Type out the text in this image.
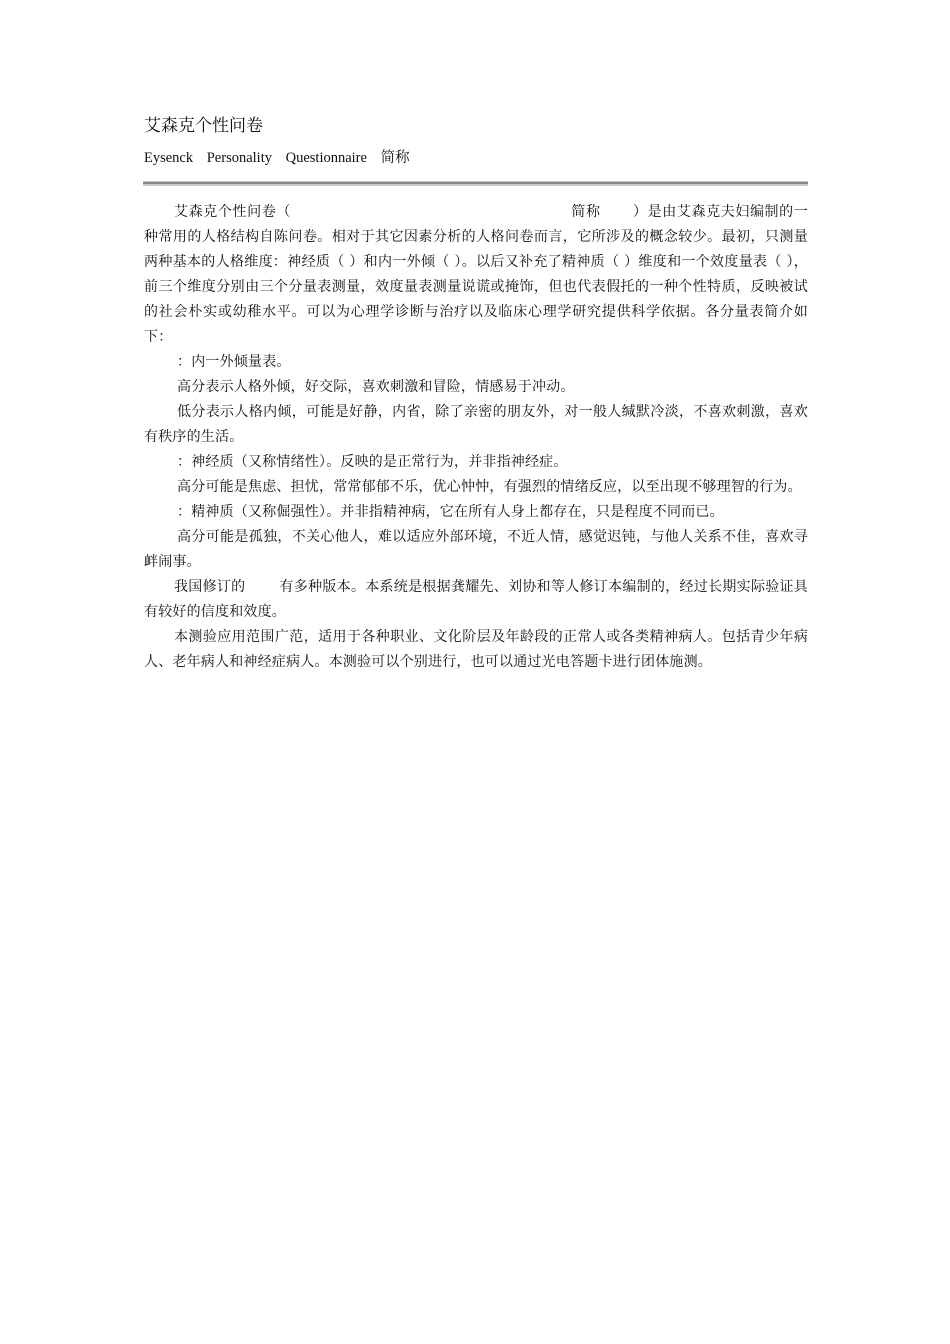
艾森克个性问卷
Eysenck Personality Questionnaire 简称

艾森克个性问卷（	简称 ）是由艾森克夫妇编制的一种常用的人格结构自陈问卷。相对于其它因素分析的人格问卷而言，它所涉及的概念较少。最初，只测量两种基本的人格维度：神经质（ ）和内一外倾（ ）。以后又补充了精神质（ ）维度和一个效度量表（ ），前三个维度分别由三个分量表测量，效度量表测量说谎或掩饰，但也代表假托的一种个性特质，反映被试的社会朴实或幼稚水平。可以为心理学诊断与治疗以及临床心理学研究提供科学依据。各分量表简介如下：

：内一外倾量表。

高分表示人格外倾，好交际，喜欢刺激和冒险，情感易于冲动。

低分表示人格内倾，可能是好静，内省，除了亲密的朋友外，对一般人缄默冷淡，不喜欢刺激，喜欢有秩序的生活。

：神经质（又称情绪性）。反映的是正常行为，并非指神经症。

高分可能是焦虑、担忧，常常郁郁不乐，优心忡忡，有强烈的情绪反应，以至出现不够理智的行为。

：精神质（又称倔强性）。并非指精神病，它在所有人身上都存在，只是程度不同而已。

高分可能是孤独，不关心他人，难以适应外部环境，不近人情，感觉迟钝，与他人关系不佳，喜欢寻衅闹事。

我国修订的 有多种版本。本系统是根据龚耀先、刘协和等人修订本编制的，经过长期实际验证具有较好的信度和效度。

本测验应用范围广范，适用于各种职业、文化阶层及年龄段的正常人或各类精神病人。包括青少年病人、老年病人和神经症病人。本测验可以个别进行，也可以通过光电答题卡进行团体施测。
